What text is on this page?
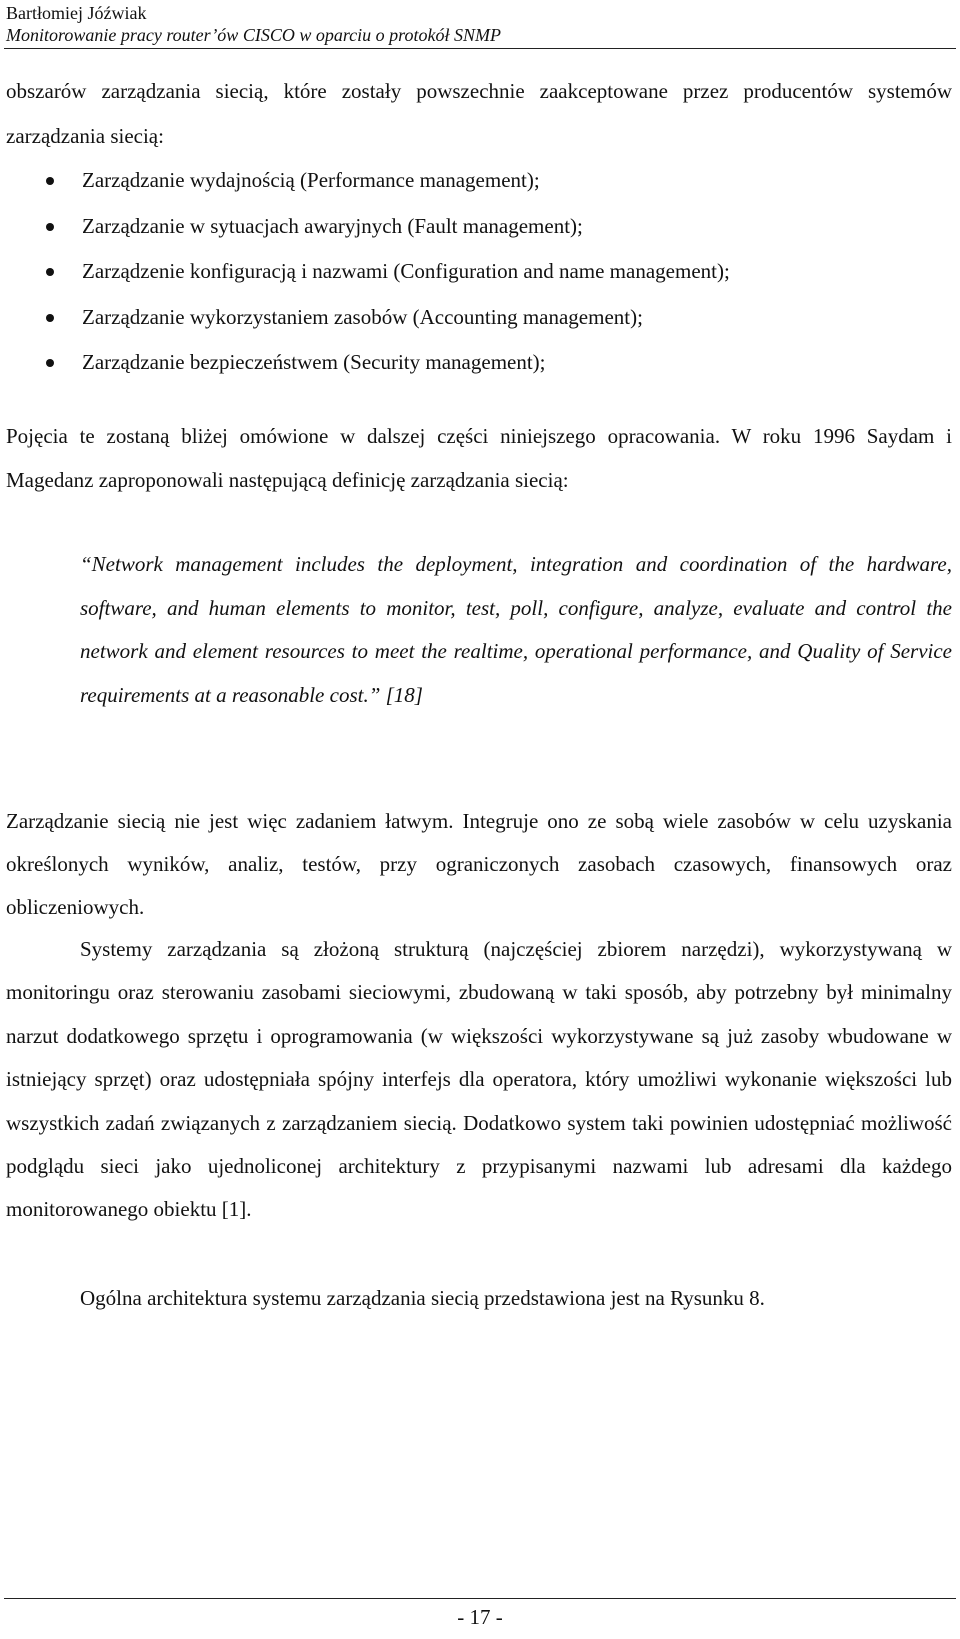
Bartłomiej Jóźwiak
Monitorowanie pracy router’ów CISCO w oparciu o protokół SNMP

obszarów zarządzania siecią, które zostały powszechnie zaakceptowane przez producentów systemów zarządzania siecią:

Zarządzanie wydajnością (Performance management);
Zarządzanie w sytuacjach awaryjnych (Fault management);
Zarządzenie konfiguracją i nazwami (Configuration and name management);
Zarządzanie wykorzystaniem zasobów (Accounting management);
Zarządzanie bezpieczeństwem (Security management);

Pojęcia te zostaną bliżej omówione w dalszej części niniejszego opracowania. W roku 1996 Saydam i Magedanz zaproponowali następującą definicję zarządzania siecią:

“Network management includes the deployment, integration and coordination of the hardware, software, and human elements to monitor, test, poll, configure, analyze, evaluate and control the network and element resources to meet the realtime, operational performance, and Quality of Service requirements at a reasonable cost.” [18]

Zarządzanie siecią nie jest więc zadaniem łatwym. Integruje ono ze sobą wiele zasobów w celu uzyskania określonych wyników, analiz, testów, przy ograniczonych zasobach czasowych, finansowych oraz obliczeniowych.

Systemy zarządzania są złożoną strukturą (najczęściej zbiorem narzędzi), wykorzystywaną w monitoringu oraz sterowaniu zasobami sieciowymi, zbudowaną w taki sposób, aby potrzebny był minimalny narzut dodatkowego sprzętu i oprogramowania (w większości wykorzystywane są już zasoby wbudowane w istniejący sprzęt) oraz udostępniała spójny interfejs dla operatora, który umożliwi wykonanie większości lub wszystkich zadań związanych z zarządzaniem siecią. Dodatkowo system taki powinien udostępniać możliwość podglądu sieci jako ujednoliconej architektury z przypisanymi nazwami lub adresami dla każdego monitorowanego obiektu [1].

Ogólna architektura systemu zarządzania siecią przedstawiona jest na Rysunku 8.

- 17 -
